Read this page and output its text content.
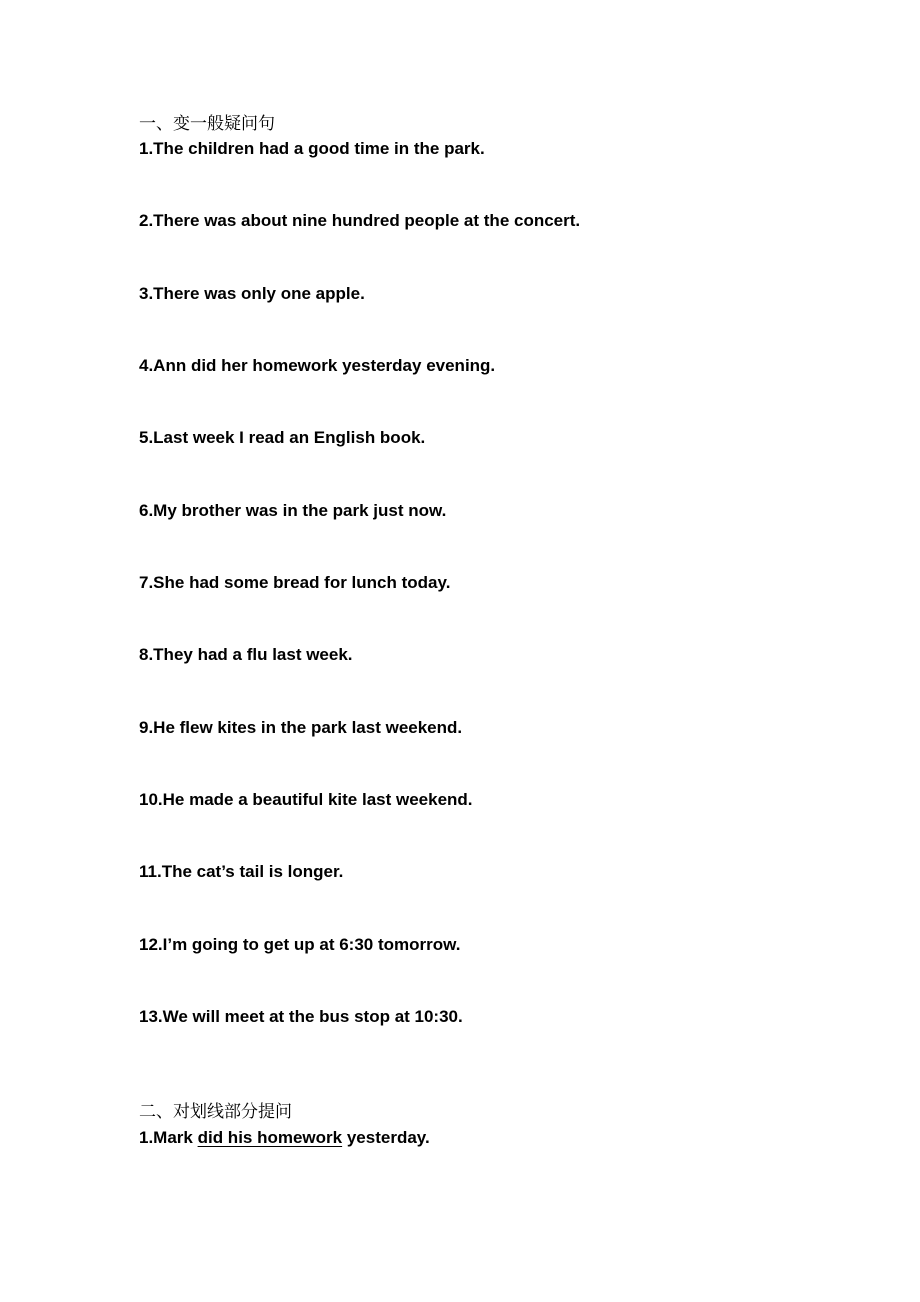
一、变一般疑问句
1.The children had a good time in the park.
2.There was about nine hundred people at the concert.
3.There was only one apple.
4.Ann did her homework yesterday evening.
5.Last week I read an English book.
6.My brother was in the park just now.
7.She had some bread for lunch today.
8.They had a flu last week.
9.He flew kites in the park last weekend.
10.He made a beautiful kite last weekend.
11.The cat’s tail is longer.
12.I’m going to get up at 6:30 tomorrow.
13.We will meet at the bus stop at 10:30.
二、对划线部分提问
1.Mark did his homework yesterday.
